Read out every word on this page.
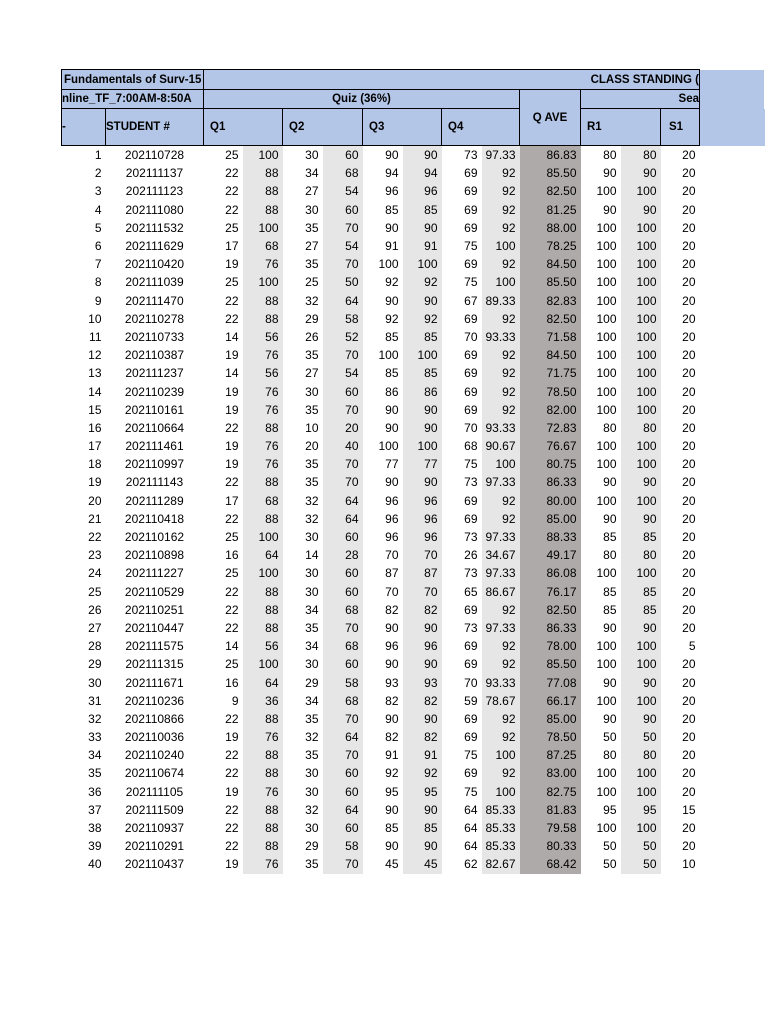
15-Fundamentals of Surv		CLASS STANDING (												
nline_TF_7:00AM-8:50A		Quiz (36%)								Q AVE	Sea			
-	STUDENT #	Q1		Q2		Q3		Q4			R1		S1	
1	202110728	25	100	30	60	90	90	73	97.33	86.83	80	80	20	
2	202111137	22	88	34	68	94	94	69	92	85.50	90	90	20	
3	202111123	22	88	27	54	96	96	69	92	82.50	100	100	20	
4	202111080	22	88	30	60	85	85	69	92	81.25	90	90	20	
5	202111532	25	100	35	70	90	90	69	92	88.00	100	100	20	
6	202111629	17	68	27	54	91	91	75	100	78.25	100	100	20	
7	202110420	19	76	35	70	100	100	69	92	84.50	100	100	20	
8	202111039	25	100	25	50	92	92	75	100	85.50	100	100	20	
9	202111470	22	88	32	64	90	90	67	89.33	82.83	100	100	20	
10	202110278	22	88	29	58	92	92	69	92	82.50	100	100	20	
11	202110733	14	56	26	52	85	85	70	93.33	71.58	100	100	20	
12	202110387	19	76	35	70	100	100	69	92	84.50	100	100	20	
13	202111237	14	56	27	54	85	85	69	92	71.75	100	100	20	
14	202110239	19	76	30	60	86	86	69	92	78.50	100	100	20	
15	202110161	19	76	35	70	90	90	69	92	82.00	100	100	20	
16	202110664	22	88	10	20	90	90	70	93.33	72.83	80	80	20	
17	202111461	19	76	20	40	100	100	68	90.67	76.67	100	100	20	
18	202110997	19	76	35	70	77	77	75	100	80.75	100	100	20	
19	202111143	22	88	35	70	90	90	73	97.33	86.33	90	90	20	
20	202111289	17	68	32	64	96	96	69	92	80.00	100	100	20	
21	202110418	22	88	32	64	96	96	69	92	85.00	90	90	20	
22	202110162	25	100	30	60	96	96	73	97.33	88.33	85	85	20	
23	202110898	16	64	14	28	70	70	26	34.67	49.17	80	80	20	
24	202111227	25	100	30	60	87	87	73	97.33	86.08	100	100	20	
25	202110529	22	88	30	60	70	70	65	86.67	76.17	85	85	20	
26	202110251	22	88	34	68	82	82	69	92	82.50	85	85	20	
27	202110447	22	88	35	70	90	90	73	97.33	86.33	90	90	20	
28	202111575	14	56	34	68	96	96	69	92	78.00	100	100	5	
29	202111315	25	100	30	60	90	90	69	92	85.50	100	100	20	
30	202111671	16	64	29	58	93	93	70	93.33	77.08	90	90	20	
31	202110236	9	36	34	68	82	82	59	78.67	66.17	100	100	20	
32	202110866	22	88	35	70	90	90	69	92	85.00	90	90	20	
33	202110036	19	76	32	64	82	82	69	92	78.50	50	50	20	
34	202110240	22	88	35	70	91	91	75	100	87.25	80	80	20	
35	202110674	22	88	30	60	92	92	69	92	83.00	100	100	20	
36	202111105	19	76	30	60	95	95	75	100	82.75	100	100	20	
37	202111509	22	88	32	64	90	90	64	85.33	81.83	95	95	15	
38	202110937	22	88	30	60	85	85	64	85.33	79.58	100	100	20	
39	202110291	22	88	29	58	90	90	64	85.33	80.33	50	50	20	
40	202110437	19	76	35	70	45	45	62	82.67	68.42	50	50	10	
